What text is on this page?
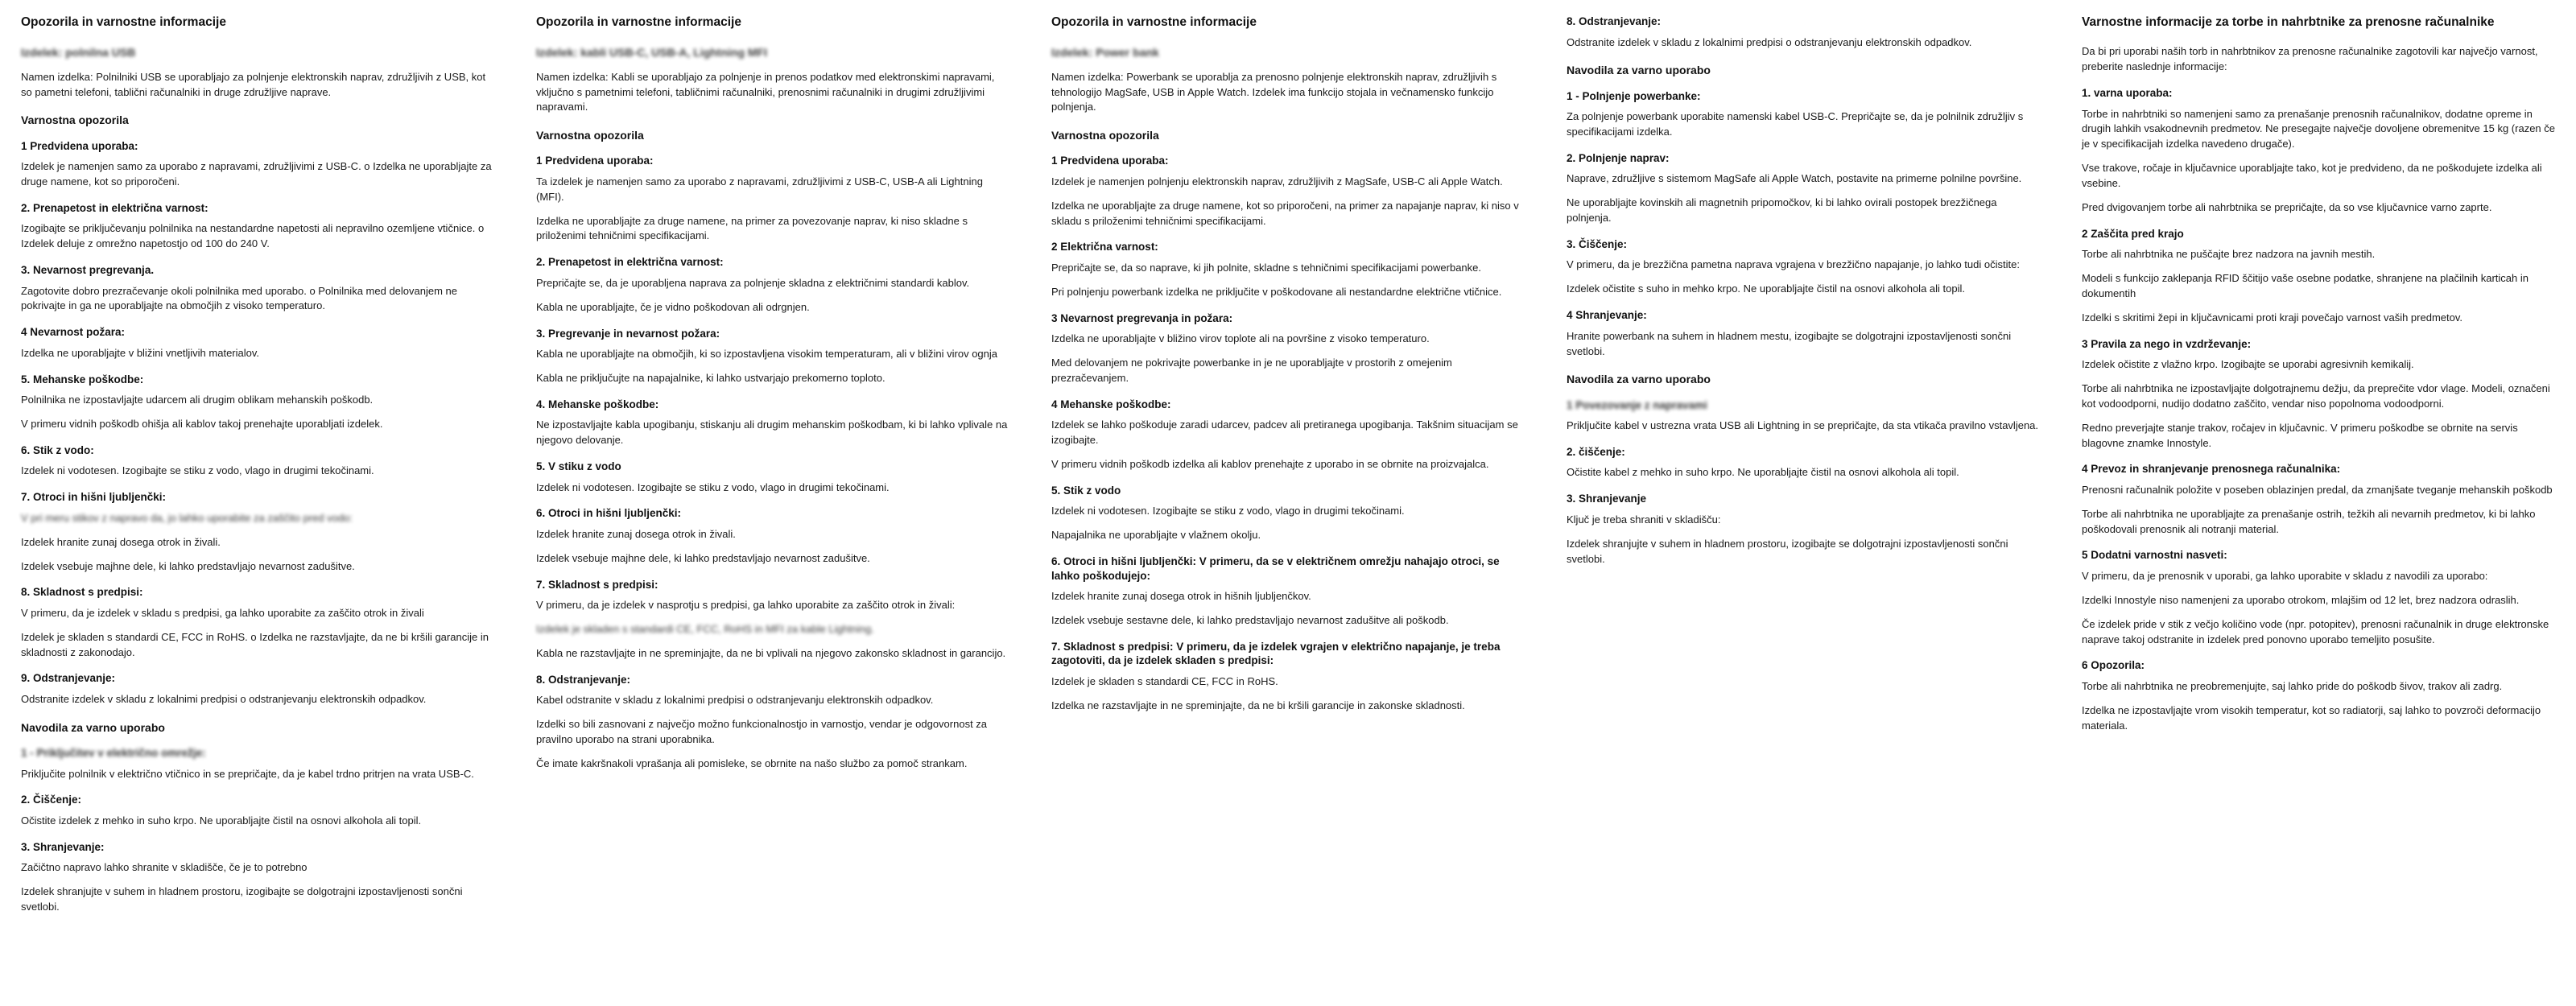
Opozorila in varnostne informacije

Izdelek: polnilna USB

Namen izdelka: Polnilniki USB se uporabljajo za polnjenje elektronskih naprav, združljivih z USB, kot so pametni telefoni, tablični računalniki in druge združljive naprave.

Varnostna opozorila
1 Predvidena uporaba:

Izdelek je namenjen samo za uporabo z napravami, združljivimi z USB-C. o Izdelka ne uporabljajte za druge namene, kot so priporočeni.

2. Prenapetost in električna varnost:

Izogibajte se priključevanju polnilnika na nestandardne napetosti ali nepravilno ozemljene vtičnice. o Izdelek deluje z omrežno napetostjo od 100 do 240 V.

3. Nevarnost pregrevanja.

Zagotovite dobro prezračevanje okoli polnilnika med uporabo. o Polnilnika med delovanjem ne pokrivajte in ga ne uporabljajte na območjih z visoko temperaturo.

4 Nevarnost požara:

Izdelka ne uporabljajte v bližini vnetljivih materialov.

5. Mehanske poškodbe:

Polnilnika ne izpostavljajte udarcem ali drugim oblikam mehanskih poškodb.

V primeru vidnih poškodb ohišja ali kablov takoj prenehajte uporabljati izdelek.

6. Stik z vodo:

Izdelek ni vodotesen. Izogibajte se stiku z vodo, vlago in drugimi tekočinami.

7. Otroci in hišni ljubljenčki:

V pri meru stikov z napravo da, jo lahko uporabite za zaščito pred vodo:

Izdelek hranite zunaj dosega otrok in živali.

Izdelek vsebuje majhne dele, ki lahko predstavljajo nevarnost zadušitve.

8. Skladnost s predpisi:

V primeru, da je izdelek v skladu s predpisi, ga lahko uporabite za zaščito otrok in živali

Izdelek je skladen s standardi CE, FCC in RoHS. o Izdelka ne razstavljajte, da ne bi kršili garancije in skladnosti z zakonodajo.

9. Odstranjevanje:

Odstranite izdelek v skladu z lokalnimi predpisi o odstranjevanju elektronskih odpadkov.

Navodila za varno uporabo
1 - Priključitev v električno omrežje:

Priključite polnilnik v električno vtičnico in se prepričajte, da je kabel trdno pritrjen na vrata USB-C.

2. Čiščenje:

Očistite izdelek z mehko in suho krpo. Ne uporabljajte čistil na osnovi alkohola ali topil.

3. Shranjevanje:

Začičtno napravo lahko shranite v skladišče, če je to potrebno

Izdelek shranjujte v suhem in hladnem prostoru, izogibajte se dolgotrajni izpostavljenosti sončni svetlobi.

Opozorila in varnostne informacije

Izdelek: kabli USB-C, USB-A, Lightning MFI

Namen izdelka: Kabli se uporabljajo za polnjenje in prenos podatkov med elektronskimi napravami, vključno s pametnimi telefoni, tabličnimi računalniki, prenosnimi računalniki in drugimi združljivimi napravami.

Varnostna opozorila
1 Predvidena uporaba:

Ta izdelek je namenjen samo za uporabo z napravami, združljivimi z USB-C, USB-A ali Lightning (MFI).

Izdelka ne uporabljajte za druge namene, na primer za povezovanje naprav, ki niso skladne s priloženimi tehničnimi specifikacijami.

2. Prenapetost in električna varnost:

Prepričajte se, da je uporabljena naprava za polnjenje skladna z električnimi standardi kablov.

Kabla ne uporabljajte, če je vidno poškodovan ali odrgnjen.

3. Pregrevanje in nevarnost požara:

Kabla ne uporabljajte na območjih, ki so izpostavljena visokim temperaturam, ali v bližini virov ognja

Kabla ne priključujte na napajalnike, ki lahko ustvarjajo prekomerno toploto.

4. Mehanske poškodbe:

Ne izpostavljajte kabla upogibanju, stiskanju ali drugim mehanskim poškodbam, ki bi lahko vplivale na njegovo delovanje.

5. V stiku z vodo

Izdelek ni vodotesen. Izogibajte se stiku z vodo, vlago in drugimi tekočinami.

6. Otroci in hišni ljubljenčki:

Izdelek hranite zunaj dosega otrok in živali.

Izdelek vsebuje majhne dele, ki lahko predstavljajo nevarnost zadušitve.

7. Skladnost s predpisi:

V primeru, da je izdelek v nasprotju s predpisi, ga lahko uporabite za zaščito otrok in živali:

Izdelek je skladen s standardi CE, FCC, RoHS in MFI za kable Lightning.

Kabla ne razstavljajte in ne spreminjajte, da ne bi vplivali na njegovo zakonsko skladnost in garancijo.

8. Odstranjevanje:

Kabel odstranite v skladu z lokalnimi predpisi o odstranjevanju elektronskih odpadkov.

Izdelki so bili zasnovani z največjo možno funkcionalnostjo in varnostjo, vendar je odgovornost za pravilno uporabo na strani uporabnika.

Če imate kakršnakoli vprašanja ali pomisleke, se obrnite na našo službo za pomoč strankam.

Opozorila in varnostne informacije

Izdelek: Power bank

Namen izdelka: Powerbank se uporablja za prenosno polnjenje elektronskih naprav, združljivih s tehnologijo MagSafe, USB in Apple Watch. Izdelek ima funkcijo stojala in večnamensko funkcijo polnjenja.

Varnostna opozorila
1 Predvidena uporaba:

Izdelek je namenjen polnjenju elektronskih naprav, združljivih z MagSafe, USB-C ali Apple Watch.

Izdelka ne uporabljajte za druge namene, kot so priporočeni, na primer za napajanje naprav, ki niso v skladu s priloženimi tehničnimi specifikacijami.

2 Električna varnost:

Prepričajte se, da so naprave, ki jih polnite, skladne s tehničnimi specifikacijami powerbanke.

Pri polnjenju powerbank izdelka ne priključite v poškodovane ali nestandardne električne vtičnice.

3 Nevarnost pregrevanja in požara:

Izdelka ne uporabljajte v bližino virov toplote ali na površine z visoko temperaturo.

Med delovanjem ne pokrivajte powerbanke in je ne uporabljajte v prostorih z omejenim prezračevanjem.

4 Mehanske poškodbe:

Izdelek se lahko poškoduje zaradi udarcev, padcev ali pretiranega upogibanja. Takšnim situacijam se izogibajte.

V primeru vidnih poškodb izdelka ali kablov prenehajte z uporabo in se obrnite na proizvajalca.

5. Stik z vodo

Izdelek ni vodotesen. Izogibajte se stiku z vodo, vlago in drugimi tekočinami.

Napajalnika ne uporabljajte v vlažnem okolju.

6. Otroci in hišni ljubljenčki: V primeru, da se v električnem omrežju nahajajo otroci, se lahko poškodujejo:

Izdelek hranite zunaj dosega otrok in hišnih ljubljenčkov.

Izdelek vsebuje sestavne dele, ki lahko predstavljajo nevarnost zadušitve ali poškodb.

7. Skladnost s predpisi: V primeru, da je izdelek vgrajen v električno napajanje, je treba zagotoviti, da je izdelek skladen s predpisi:

Izdelek je skladen s standardi CE, FCC in RoHS.

Izdelka ne razstavljajte in ne spreminjajte, da ne bi kršili garancije in zakonske skladnosti.

8. Odstranjevanje:

Odstranite izdelek v skladu z lokalnimi predpisi o odstranjevanju elektronskih odpadkov.

Navodila za varno uporabo
1 - Polnjenje powerbanke:

Za polnjenje powerbank uporabite namenski kabel USB-C. Prepričajte se, da je polnilnik združljiv s specifikacijami izdelka.

2. Polnjenje naprav:

Naprave, združljive s sistemom MagSafe ali Apple Watch, postavite na primerne polnilne površine.

Ne uporabljajte kovinskih ali magnetnih pripomočkov, ki bi lahko ovirali postopek brezžičnega polnjenja.

3. Čiščenje:

V primeru, da je brezžična pametna naprava vgrajena v brezžično napajanje, jo lahko tudi očistite:

Izdelek očistite s suho in mehko krpo. Ne uporabljajte čistil na osnovi alkohola ali topil.

4 Shranjevanje:

Hranite powerbank na suhem in hladnem mestu, izogibajte se dolgotrajni izpostavljenosti sončni svetlobi.

Navodila za varno uporabo
1 Povezovanje z napravami

Priključite kabel v ustrezna vrata USB ali Lightning in se prepričajte, da sta vtikača pravilno vstavljena.

2. čiščenje:

Očistite kabel z mehko in suho krpo. Ne uporabljajte čistil na osnovi alkohola ali topil.

3. Shranjevanje

Ključ je treba shraniti v skladišču:

Izdelek shranjujte v suhem in hladnem prostoru, izogibajte se dolgotrajni izpostavljenosti sončni svetlobi.

Varnostne informacije za torbe in nahrbtnike za prenosne računalnike

Da bi pri uporabi naših torb in nahrbtnikov za prenosne računalnike zagotovili kar največjo varnost, preberite naslednje informacije:

1. varna uporaba:

Torbe in nahrbtniki so namenjeni samo za prenašanje prenosnih računalnikov, dodatne opreme in drugih lahkih vsakodnevnih predmetov. Ne presegajte največje dovoljene obremenitve 15 kg (razen če je v specifikacijah izdelka navedeno drugače).

Vse trakove, ročaje in ključavnice uporabljajte tako, kot je predvideno, da ne poškodujete izdelka ali vsebine.

Pred dvigovanjem torbe ali nahrbtnika se prepričajte, da so vse ključavnice varno zaprte.

2 Zaščita pred krajo

Torbe ali nahrbtnika ne puščajte brez nadzora na javnih mestih.

Modeli s funkcijo zaklepanja RFID ščitijo vaše osebne podatke, shranjene na plačilnih karticah in dokumentih

Izdelki s skritimi žepi in ključavnicami proti kraji povečajo varnost vaših predmetov.

3 Pravila za nego in vzdrževanje:

Izdelek očistite z vlažno krpo. Izogibajte se uporabi agresivnih kemikalij.

Torbe ali nahrbtnika ne izpostavljajte dolgotrajnemu dežju, da preprečite vdor vlage. Modeli, označeni kot vodoodporni, nudijo dodatno zaščito, vendar niso popolnoma vodoodporni.

Redno preverjajte stanje trakov, ročajev in ključavnic. V primeru poškodbe se obrnite na servis blagovne znamke Innostyle.

4 Prevoz in shranjevanje prenosnega računalnika:

Prenosni računalnik položite v poseben oblazinjen predal, da zmanjšate tveganje mehanskih poškodb

Torbe ali nahrbtnika ne uporabljajte za prenašanje ostrih, težkih ali nevarnih predmetov, ki bi lahko poškodovali prenosnik ali notranji material.

5 Dodatni varnostni nasveti:

V primeru, da je prenosnik v uporabi, ga lahko uporabite v skladu z navodili za uporabo:

Izdelki Innostyle niso namenjeni za uporabo otrokom, mlajšim od 12 let, brez nadzora odraslih.

Če izdelek pride v stik z večjo količino vode (npr. potopitev), prenosni računalnik in druge elektronske naprave takoj odstranite in izdelek pred ponovno uporabo temeljito posušite.

6 Opozorila:

Torbe ali nahrbtnika ne preobremenjujte, saj lahko pride do poškodb šivov, trakov ali zadrg.

Izdelka ne izpostavljajte vrom visokih temperatur, kot so radiatorji, saj lahko to povzroči deformacijo materiala.
